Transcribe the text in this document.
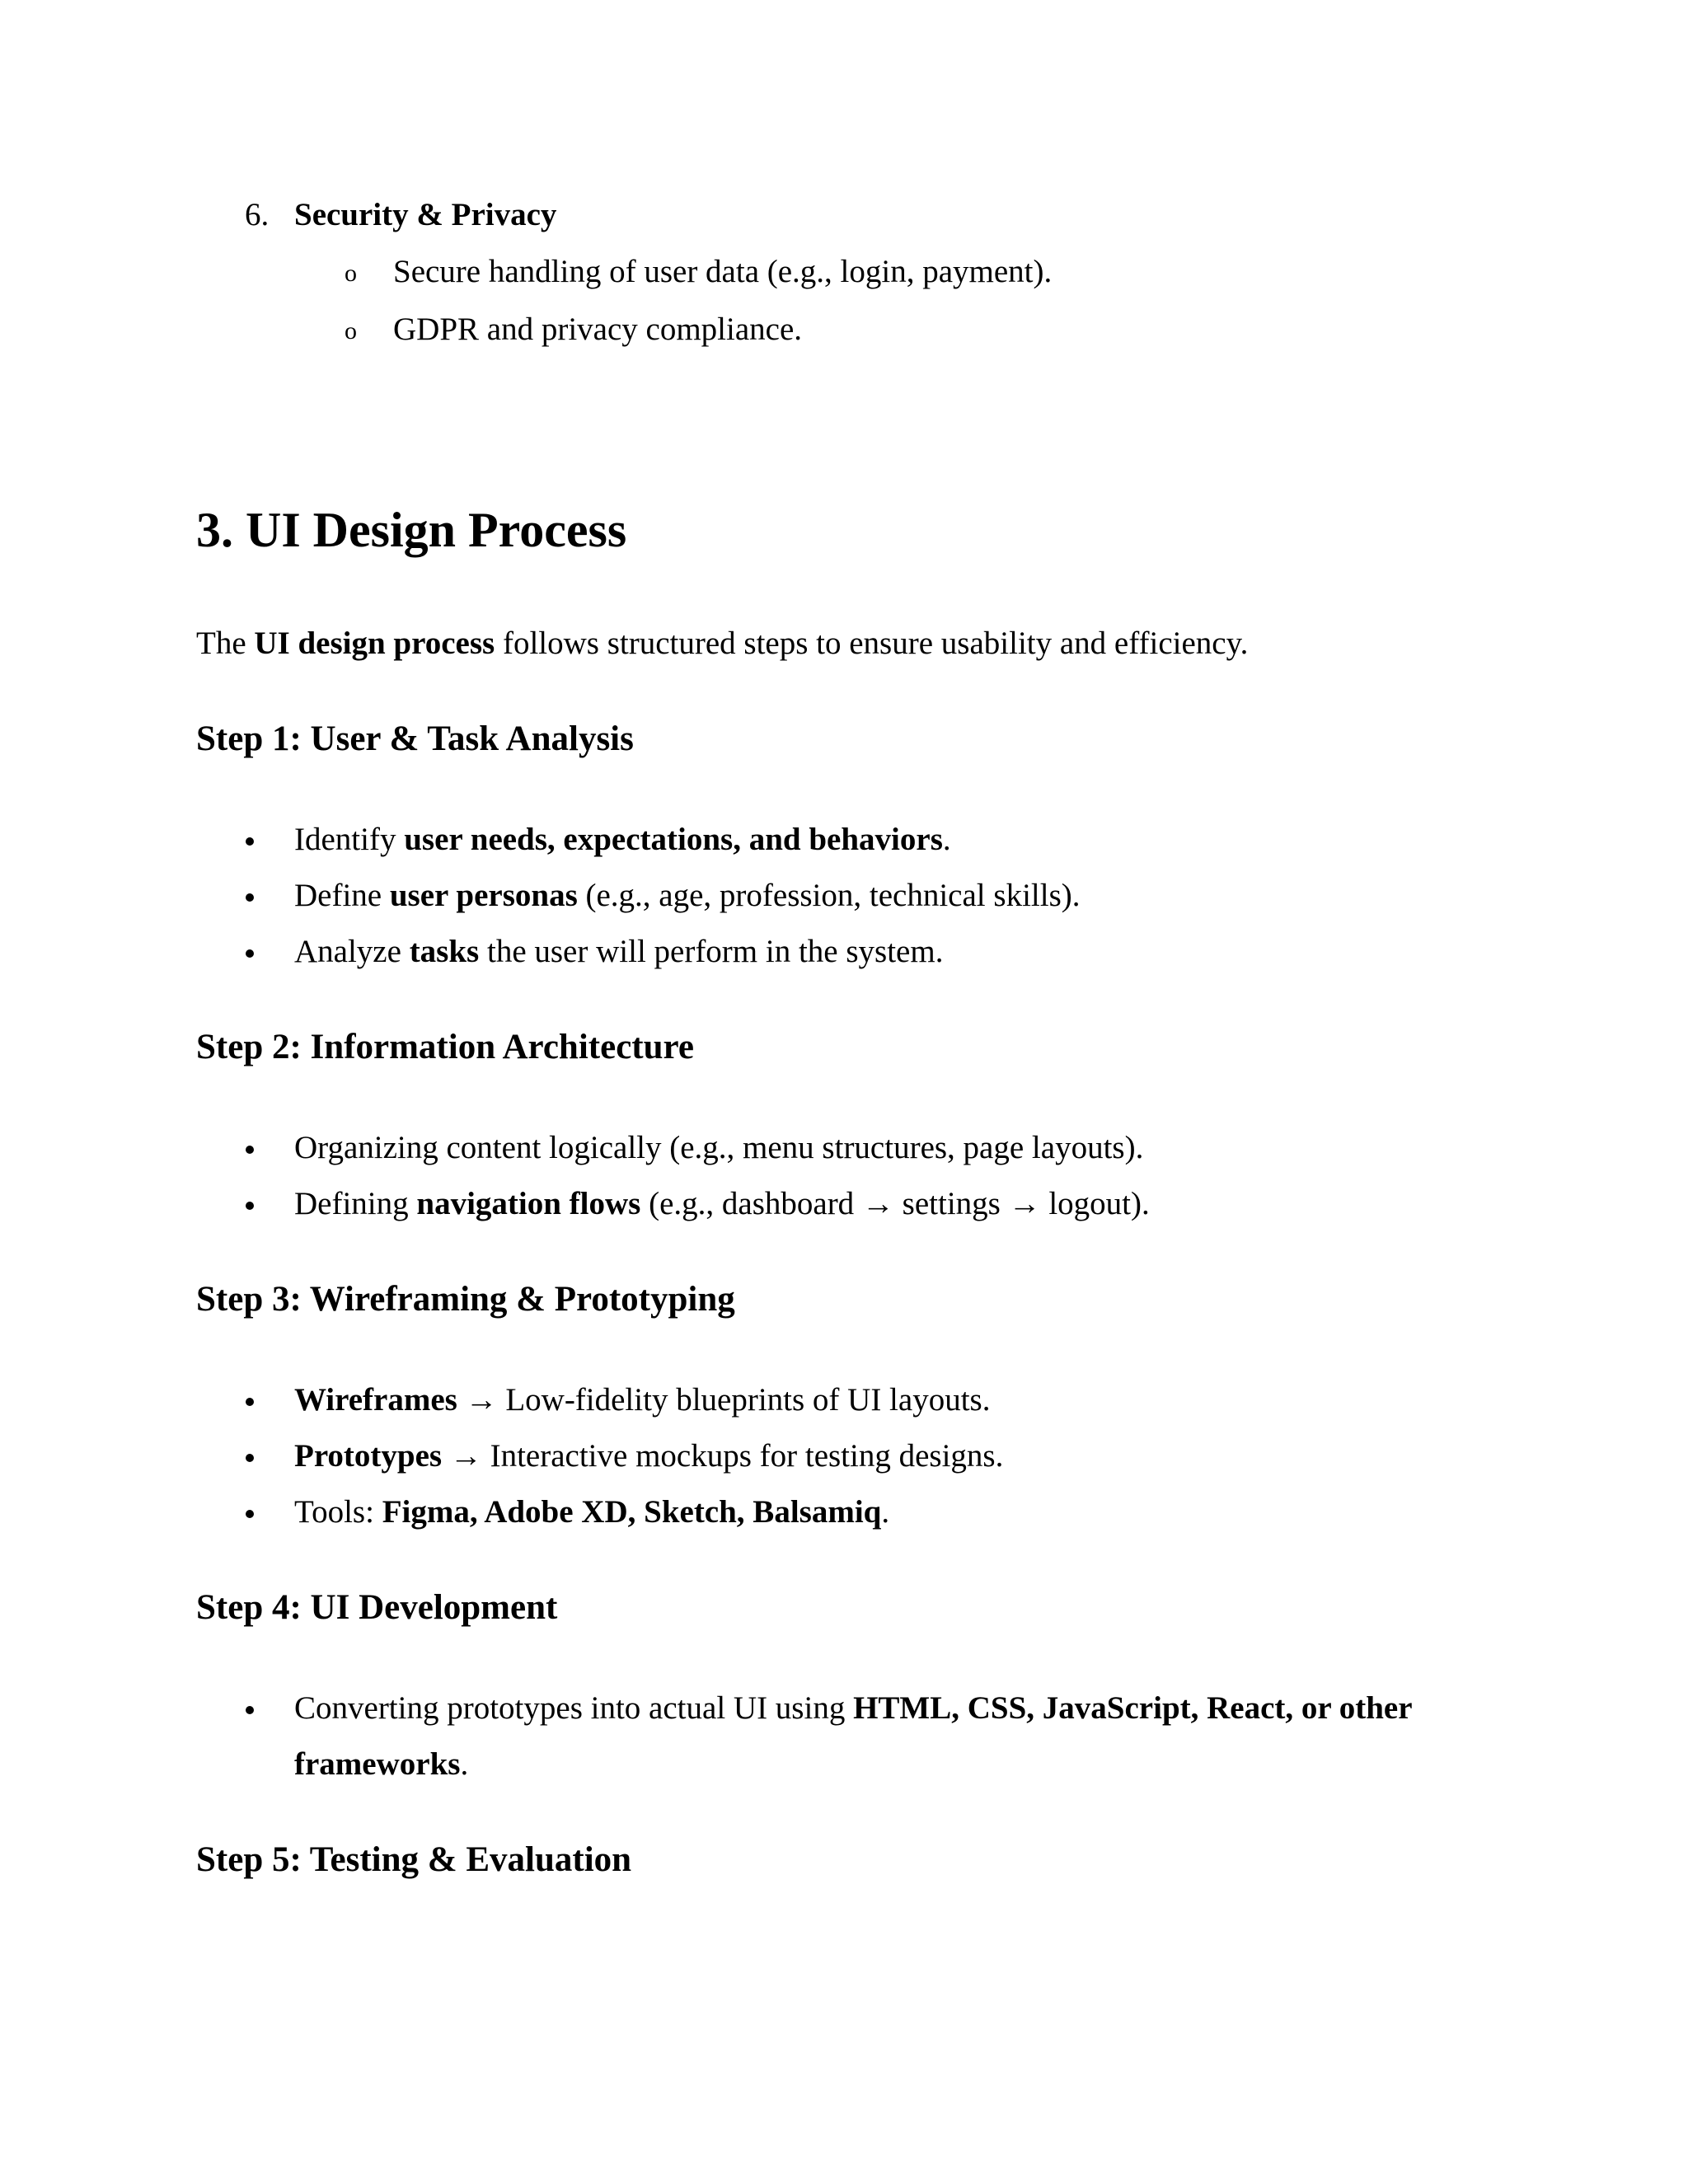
6. Security & Privacy
o Secure handling of user data (e.g., login, payment).
o GDPR and privacy compliance.
3. UI Design Process
The UI design process follows structured steps to ensure usability and efficiency.
Step 1: User & Task Analysis
Identify user needs, expectations, and behaviors.
Define user personas (e.g., age, profession, technical skills).
Analyze tasks the user will perform in the system.
Step 2: Information Architecture
Organizing content logically (e.g., menu structures, page layouts).
Defining navigation flows (e.g., dashboard → settings → logout).
Step 3: Wireframing & Prototyping
Wireframes → Low-fidelity blueprints of UI layouts.
Prototypes → Interactive mockups for testing designs.
Tools: Figma, Adobe XD, Sketch, Balsamiq.
Step 4: UI Development
Converting prototypes into actual UI using HTML, CSS, JavaScript, React, or other
frameworks.
Step 5: Testing & Evaluation
